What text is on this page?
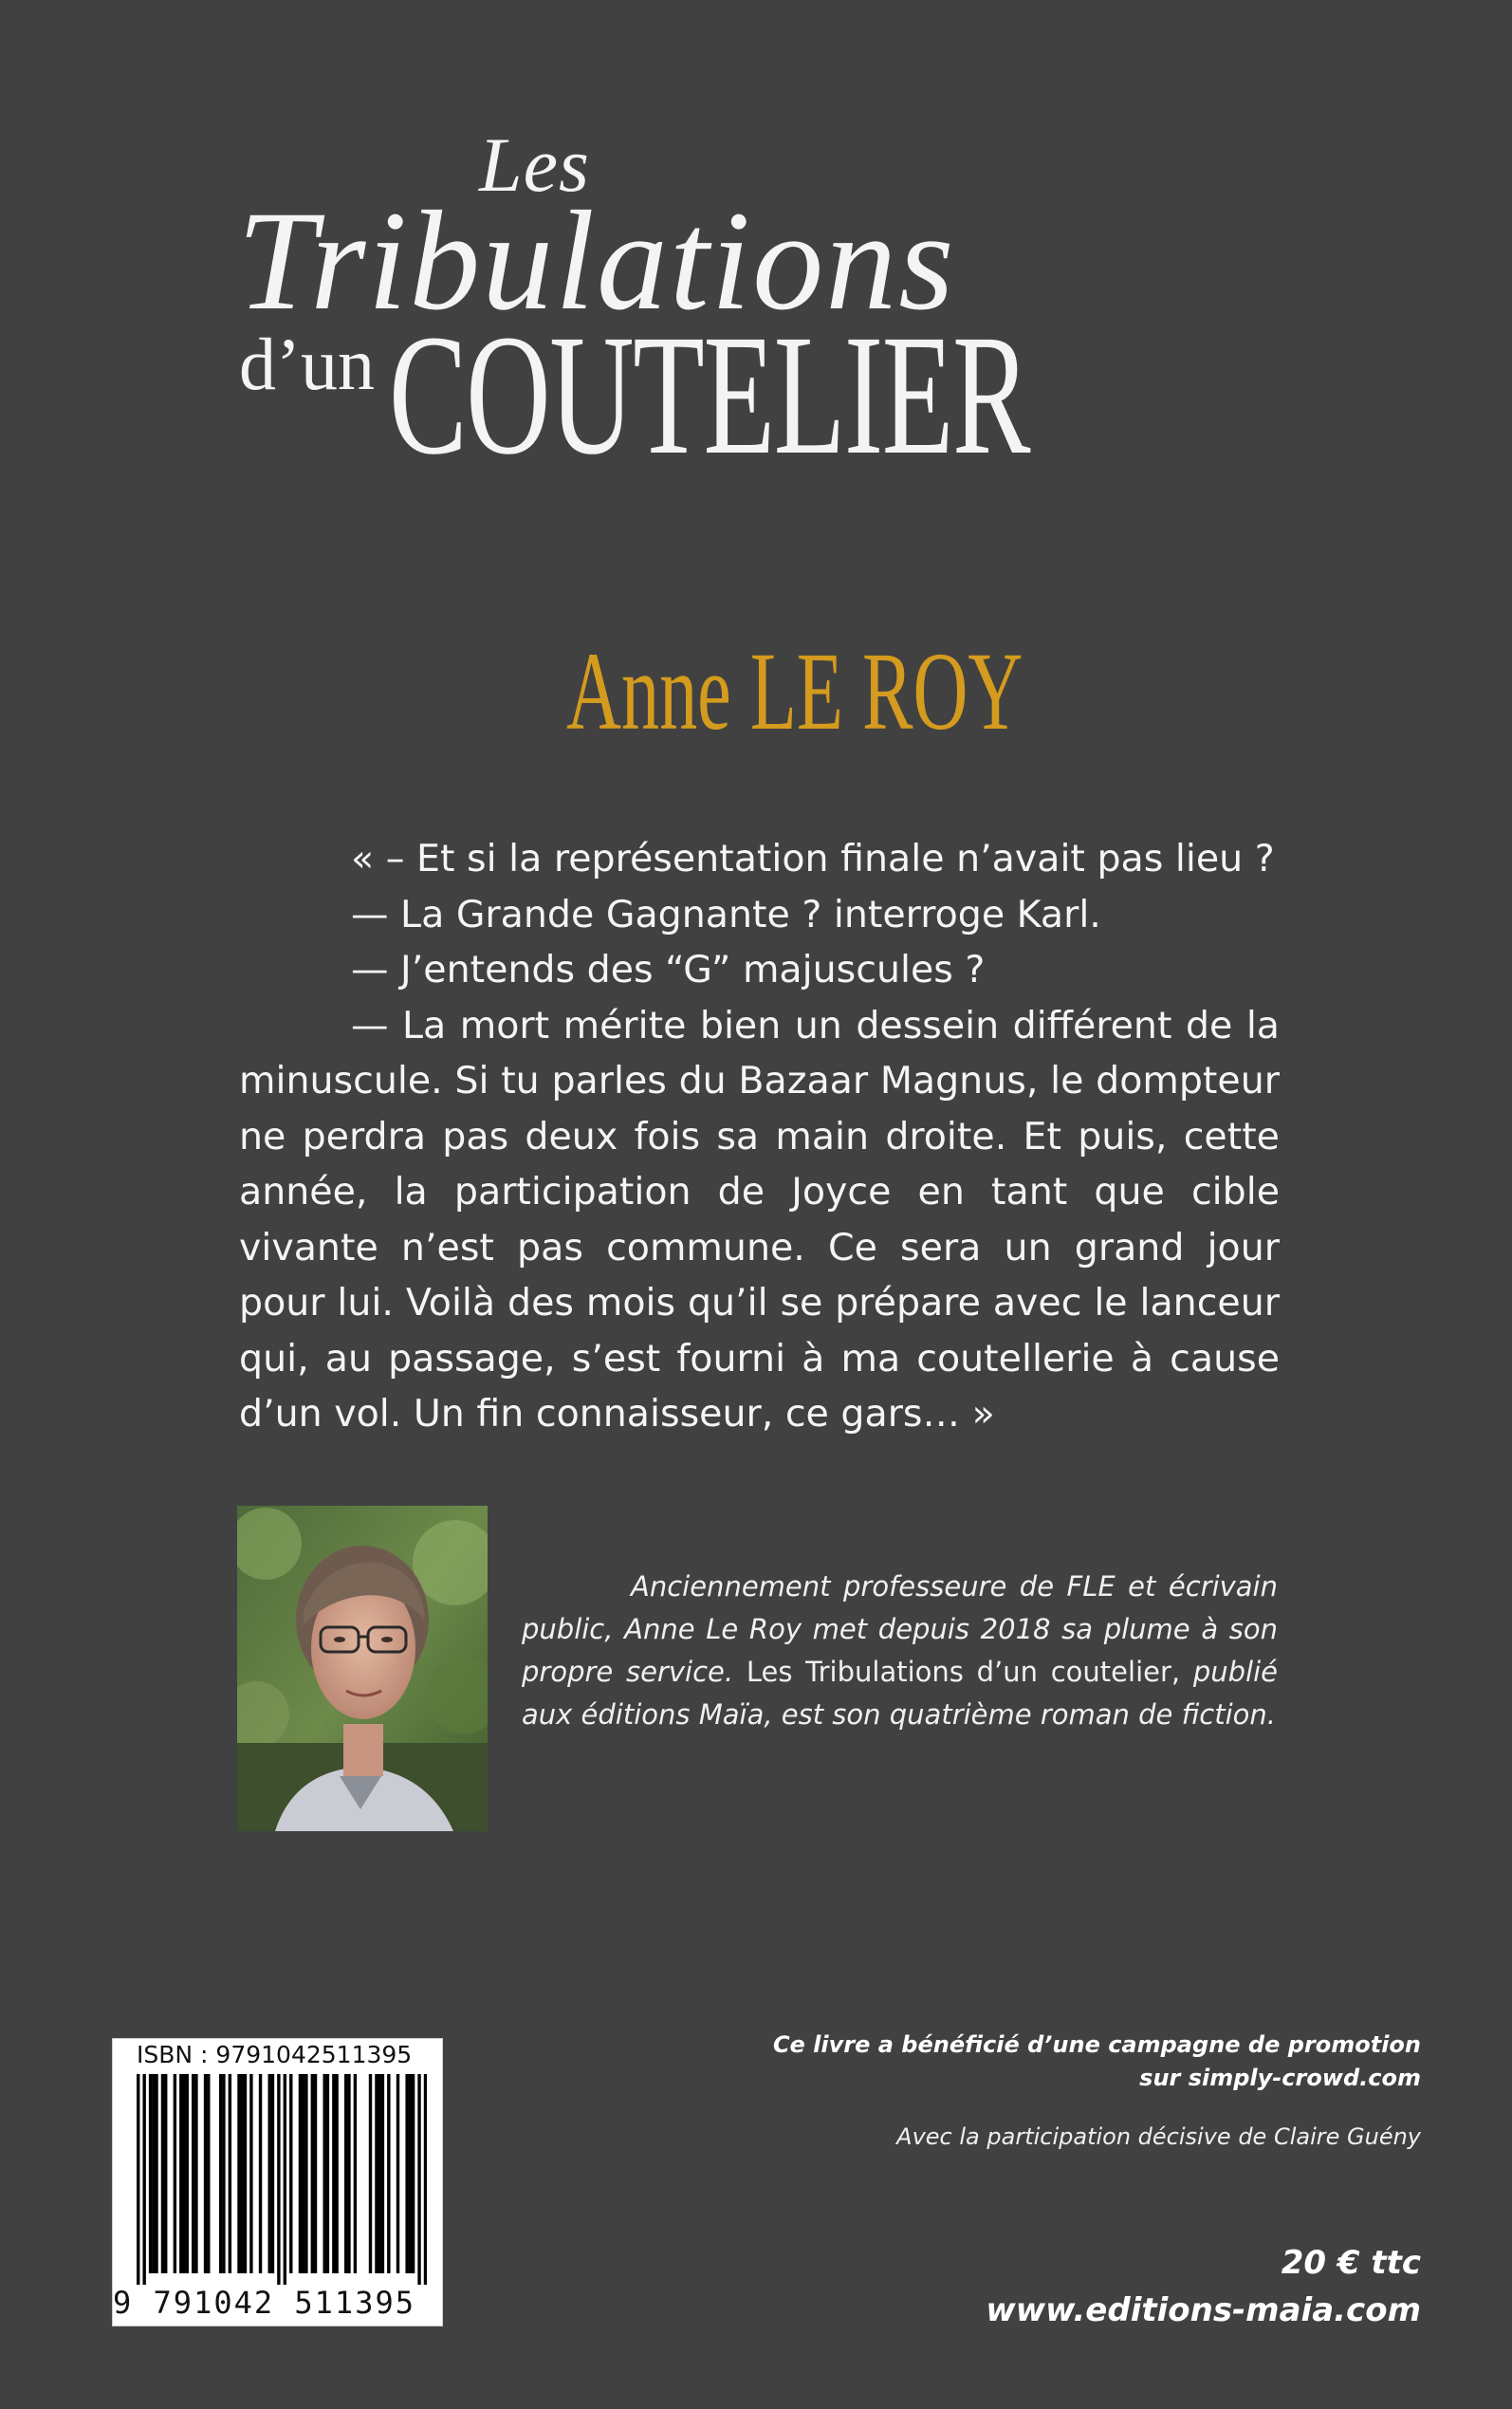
Les
Tribulations
d’un COUTELIER
Anne LE ROY

« – Et si la représentation finale n’avait pas lieu ?

— La Grande Gagnante ? interroge Karl.

— J’entends des “G” majuscules ?

— La mort mérite bien un dessein différent de la minuscule. Si tu parles du Bazaar Magnus, le dompteur ne perdra pas deux fois sa main droite. Et puis, cette année, la participation de Joyce en tant que cible vivante n’est pas commune. Ce sera un grand jour pour lui. Voilà des mois qu’il se prépare avec le lanceur qui, au passage, s’est fourni à ma coutellerie à cause d’un vol. Un fin connaisseur, ce gars… »

Anciennement professeure de FLE et écrivain public, Anne Le Roy met depuis 2018 sa plume à son propre service. Les Tribulations d’un coutelier, publié aux éditions Maïa, est son quatrième roman de fiction.
ISBN : 9791042511395
9 791042 511395
Ce livre a bénéficié d’une campagne de promotion
sur simply-crowd.com
Avec la participation décisive de Claire Guény
20 € ttc
www.editions-maia.com
